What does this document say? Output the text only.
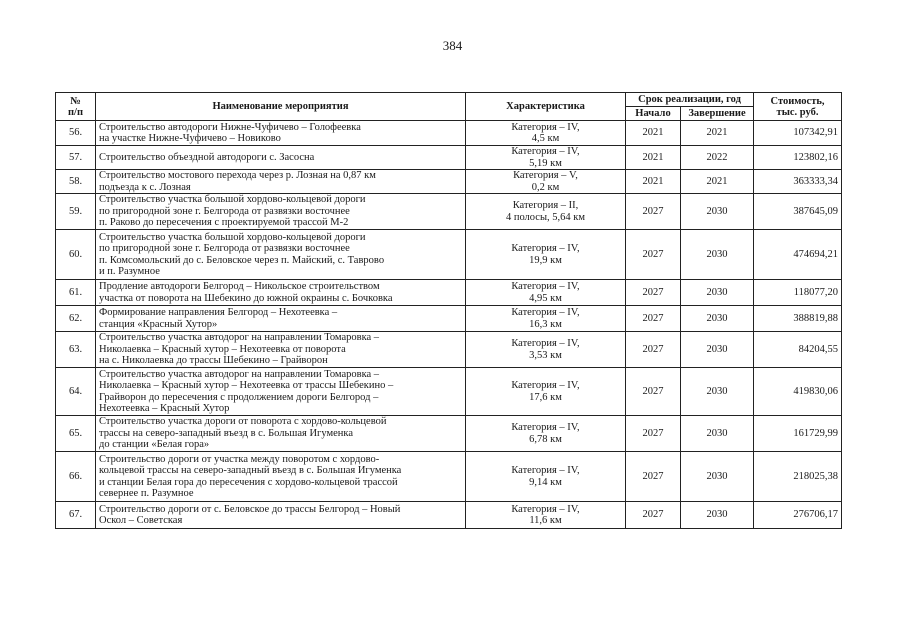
384
№
п/п	Наименование мероприятия	Характеристика	Срок реализации, год		Стоимость,
тыс. руб.
			Начало	Завершение	
56.	Строительство автодороги Нижне-Чуфичево – Голофеевка
на участке Нижне-Чуфичево – Новиково	Категория – IV,
4,5 км	2021	2021	107342,91
57.	Строительство объездной автодороги с. Засосна	Категория – IV,
5,19 км	2021	2022	123802,16
58.	Строительство мостового перехода через р. Лозная на 0,87 км
подъезда к с. Лозная	Категория – V,
0,2 км	2021	2021	363333,34
59.	Строительство участка большой хордово-кольцевой дороги
по пригородной зоне г. Белгорода от развязки восточнее
п. Раково до пересечения с проектируемой трассой М-2	Категория – II,
4 полосы, 5,64 км	2027	2030	387645,09
60.	Строительство участка большой хордово-кольцевой дороги
по пригородной зоне г. Белгорода от развязки восточнее
п. Комсомольский до с. Беловское через п. Майский, с. Таврово
и п. Разумное	Категория – IV,
19,9 км	2027	2030	474694,21
61.	Продление автодороги Белгород – Никольское строительством
участка от поворота на Шебекино до южной окраины с. Бочковка	Категория – IV,
4,95 км	2027	2030	118077,20
62.	Формирование направления Белгород – Нехотеевка –
станция «Красный Хутор»	Категория – IV,
16,3 км	2027	2030	388819,88
63.	Строительство участка автодорог на направлении Томаровка –
Николаевка – Красный хутор – Нехотеевка от поворота
на с. Николаевка до трассы Шебекино – Грайворон	Категория – IV,
3,53 км	2027	2030	84204,55
64.	Строительство участка автодорог на направлении Томаровка –
Николаевка – Красный хутор – Нехотеевка от трассы Шебекино –
Грайворон до пересечения с продолжением дороги Белгород –
Нехотеевка – Красный Хутор	Категория – IV,
17,6 км	2027	2030	419830,06
65.	Строительство участка дороги от поворота с хордово-кольцевой
трассы на северо-западный въезд в с. Большая Игуменка
до станции «Белая гора»	Категория – IV,
6,78 км	2027	2030	161729,99
66.	Строительство дороги от участка между поворотом с хордово-
кольцевой трассы на северо-западный въезд в с. Большая Игуменка
и станции Белая гора до пересечения с хордово-кольцевой трассой
севернее п. Разумное	Категория – IV,
9,14 км	2027	2030	218025,38
67.	Строительство дороги от с. Беловское до трассы Белгород – Новый
Оскол – Советская	Категория – IV,
11,6 км	2027	2030	276706,17
